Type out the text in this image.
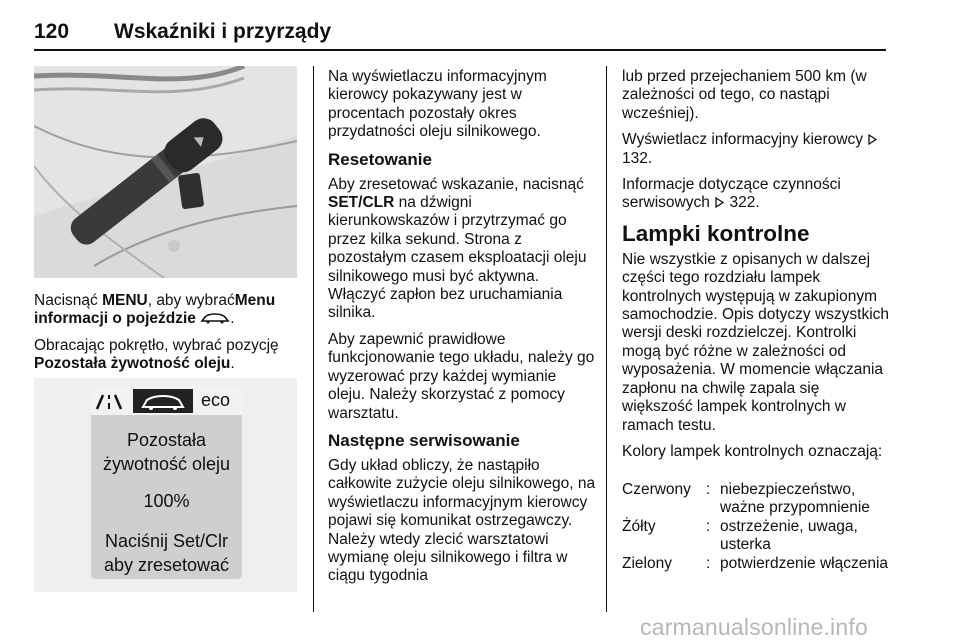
120 Wskaźniki i przyrządy

Nacisnąć MENU, aby wybraćMenu informacji o pojeździe .

Obracając pokrętło, wybrać pozycję Pozostała żywotność oleju.

eco
Pozostała
żywotność oleju
100%
Naciśnij Set/Clr
aby zresetować

Na wyświetlaczu informacyjnym kierowcy pokazywany jest w procentach pozostały okres przydatności oleju silnikowego.

Resetowanie

Aby zresetować wskazanie, nacisnąć SET/CLR na dźwigni kierunkowskazów i przytrzymać go przez kilka sekund. Strona z pozostałym czasem eksploatacji oleju silnikowego musi być aktywna. Włączyć zapłon bez uruchamiania silnika.

Aby zapewnić prawidłowe funkcjonowanie tego układu, należy go wyzerować przy każdej wymianie oleju. Należy skorzystać z pomocy warsztatu.

Następne serwisowanie

Gdy układ obliczy, że nastąpiło całkowite zużycie oleju silnikowego, na wyświetlaczu informacyjnym kierowcy pojawi się komunikat ostrzegawczy. Należy wtedy zlecić warsztatowi wymianę oleju silnikowego i filtra w ciągu tygodnia

lub przed przejechaniem 500 km (w zależności od tego, co nastąpi wcześniej).

Wyświetlacz informacyjny kierowcy  132.

Informacje dotyczące czynności serwisowych 322.

Lampki kontrolne

Nie wszystkie z opisanych w dalszej części tego rozdziału lampek kontrolnych występują w zakupionym samochodzie. Opis dotyczy wszystkich wersji deski rozdzielczej. Kontrolki mogą być różne w zależności od wyposażenia. W momencie włączania zapłonu na chwilę zapala się większość lampek kontrolnych w ramach testu.

Kolory lampek kontrolnych oznaczają:

Czerwony : niebezpieczeństwo, ważne przypomnienie
Żółty	: ostrzeżenie, uwaga, usterka
Zielony : potwierdzenie włączenia
carmanualsonline.info
